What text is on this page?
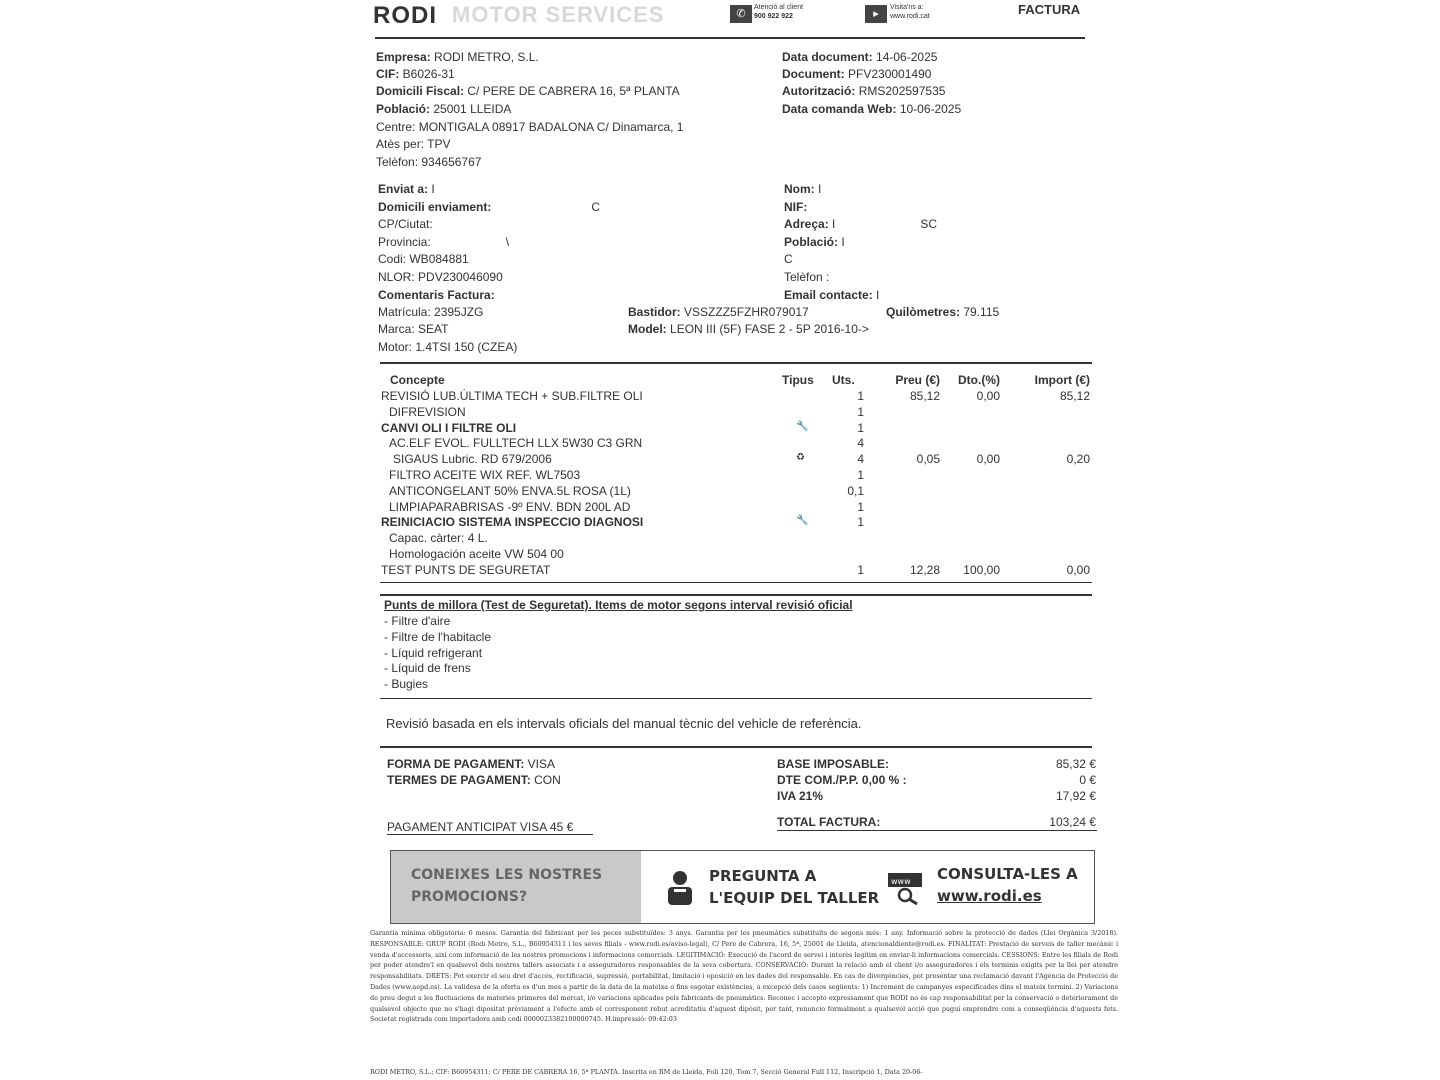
RODI MOTOR SERVICES	✆
Atenció al client
900 922 922	▸
Visita'ns a:
www.rodi.cat	FACTURA
Empresa: RODI METRO, S.L.
CIF: B6026-31
Domicili Fiscal: C/ PERE DE CABRERA 16, 5ª PLANTA
Població: 25001 LLEIDA
Centre: MONTIGALA 08917 BADALONA C/ Dinamarca, 1
Atès per: TPV
Telèfon: 934656767
Data document: 14-06-2025
Document: PFV230001490
Autorització: RMS202597535
Data comanda Web: 10-06-2025
Enviat a: I
Domicili enviament:	C
CP/Ciutat:
Provincia:	\
Codi: WB084881
NLOR: PDV230046090
Comentaris Factura:
Matrícula: 2395JZG
Marca: SEAT
Motor: 1.4TSI 150 (CZEA)
Nom: I
NIF:
Adreça: I	SC
Població: I
C
Telèfon :
Email contacte: I
Bastidor: VSSZZZ5FZHR079017
Model: LEON III (5F) FASE 2 - 5P 2016-10->
Quilòmetres: 79.115
Concepte	Tipus Uts.	Preu (€)	Dto.(%)	Import (€)
REVISIÓ LUB.ÚLTIMA TECH + SUB.FILTRE OLI	1	85,12	0,00	85,12
DIFREVISION	1
CANVI OLI I FILTRE OLI	🔧	1
AC.ELF EVOL. FULLTECH LLX 5W30 C3 GRN	4
SIGAUS Lubric. RD 679/2006	♻	4	0,05	0,00	0,20
FILTRO ACEITE WIX REF. WL7503	1
ANTICONGELANT 50% ENVA.5L ROSA (1L)	0,1
LIMPIAPARABRISAS -9º ENV. BDN 200L AD	1
REINICIACIO SISTEMA INSPECCIO DIAGNOSI	🔧	1
Capac. càrter: 4 L.
Homologación aceite VW 504 00
TEST PUNTS DE SEGURETAT	1	12,28	100,00	0,00
Punts de millora (Test de Seguretat). Items de motor segons interval revisió oficial
- Filtre d'aire
- Filtre de l'habitacle
- Líquid refrigerant
- Líquid de frens
- Bugies
Revisió basada en els intervals oficials del manual tècnic del vehicle de referència.
FORMA DE PAGAMENT: VISA
TERMES DE PAGAMENT: CON
PAGAMENT ANTICIPAT VISA 45 €
BASE IMPOSABLE:	85,32 €
DTE COM./P.P. 0,00 % :	0 €
IVA 21%	17,92 €
TOTAL FACTURA:	103,24 €
CONEIXES LES NOSTRES
PROMOCIONS?
PREGUNTA A
L'EQUIP DEL TALLER
www CONSULTA-LES A
www.rodi.es
Garantia mínima obligatòria: 6 mesos. Garantia del fabricant per les peces substituïdes: 3 anys. Garantia per les pneumàtics substituïts de segons més: 1 any. Informació sobre la protecció de dades (Llei Orgànica 3/2018). RESPONSABLE: GRUP RODI (Rodi Metro, S.L., B60954311 i les seves filials - www.rodi.es/aviso-legal), C/ Pere de Cabrera, 16, 5ª, 25001 de Lleida, atencionaldiente@rodi.es. FINALITAT: Prestació de serveis de taller mecànic i venda d'accessoris, així com informació de les nostres promocions i informacions comercials. LEGITIMACIÓ: Execució de l'acord de servei i interès legítim en enviar-li informacions comercials. CESSIONS: Entre les filials de Rodi per poder atendre'l en qualsevol dels nostres tallers associats i a asseguradores responsables de la seva cobertura. CONSERVACIÓ: Durant la relació amb el client i/o asseguradores i els terminis exigits per la llei per atendre responsabilitats. DRETS: Pot exercir el seu dret d'accés, rectificació, supressió, portabilitat, limitació i oposició en les dades del responsable. En cas de divergències, pot presentar una reclamació davant l'Agència de Protecció de Dades (www.aepd.es). La validesa de la oferta es d'un mes a partir de la data de la mateixa o fins esgotar existències, a excepció dels casos següents: 1) Increment de campanyes especificades dins el mateix termini. 2) Variacions de preu degut a les fluctuacions de materies primeres del mercat, i/o variacions aplicades pels fabricants de pneumàtics. Reconec i accepto expressament que RODI no és cap responsabilitat per la conservació o deteriorament de qualsevol objecte que no s'hagi dipositat prèviament a l'efecte amb el corresponent rebut acreditatiu d'aquest dipòsit, per tant, renuncio formalment a qualsevol acció que pugui emprendre com a conseqüència d'aquests fets. Societat registrada com importadora amb codi 0000023382100000745. H.impressió: 09:42:03
RODI METRO, S.L.; CIF: B60954311; C/ PERE DE CABRERA 16, 5ª PLANTA. Inscrita en RM de Lleida, Foli 120, Tom 7, Secció General Full 112, Inscripció 1, Data 20-06-
